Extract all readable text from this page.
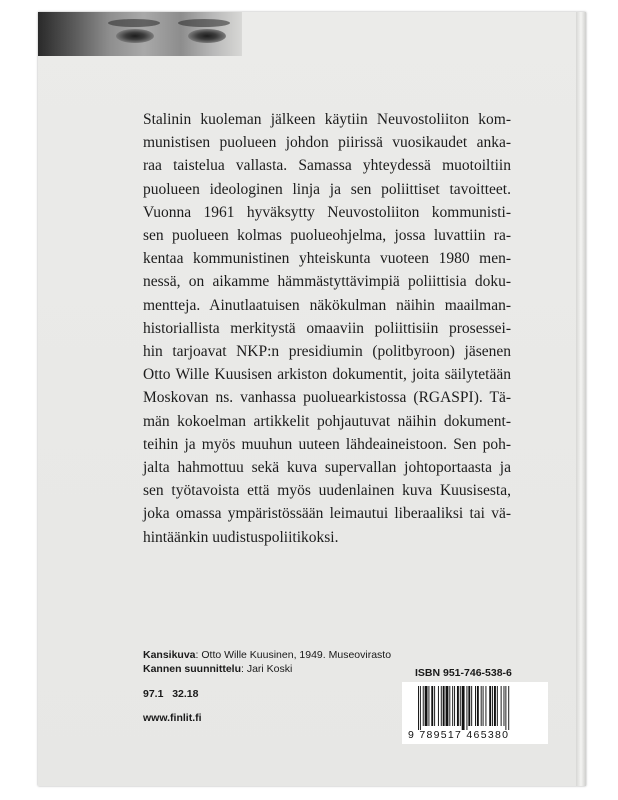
Stalinin kuoleman jälkeen käytiin Neuvostoliiton kom-
munistisen puolueen johdon piirissä vuosikaudet anka-
raa taistelua vallasta. Samassa yhteydessä muotoiltiin
puolueen ideologinen linja ja sen poliittiset tavoitteet.
Vuonna 1961 hyväksytty Neuvostoliiton kommunisti-
sen puolueen kolmas puolueohjelma, jossa luvattiin ra-
kentaa kommunistinen yhteiskunta vuoteen 1980 men-
nessä, on aikamme hämmästyttävimpiä poliittisia doku-
mentteja. Ainutlaatuisen näkökulman näihin maailman-
historiallista merkitystä omaaviin poliittisiin prosessei-
hin tarjoavat NKP:n presidiumin (politbyroon) jäsenen
Otto Wille Kuusisen arkiston dokumentit, joita säilytetään
Moskovan ns. vanhassa puoluearkistossa (RGASPI). Tä-
män kokoelman artikkelit pohjautuvat näihin dokument-
teihin ja myös muuhun uuteen lähdeaineistoon. Sen poh-
jalta hahmottuu sekä kuva supervallan johtoportaasta ja
sen työtavoista että myös uudenlainen kuva Kuusisesta,
joka omassa ympäristössään leimautui liberaaliksi tai vä-
hintäänkin uudistuspoliitikoksi.

Kansikuva: Otto Wille Kuusinen, 1949. Museovirasto
Kannen suunnittelu: Jari Koski
97.1   32.18
www.finlit.fi
ISBN 951-746-538-6
9 789517 465380
